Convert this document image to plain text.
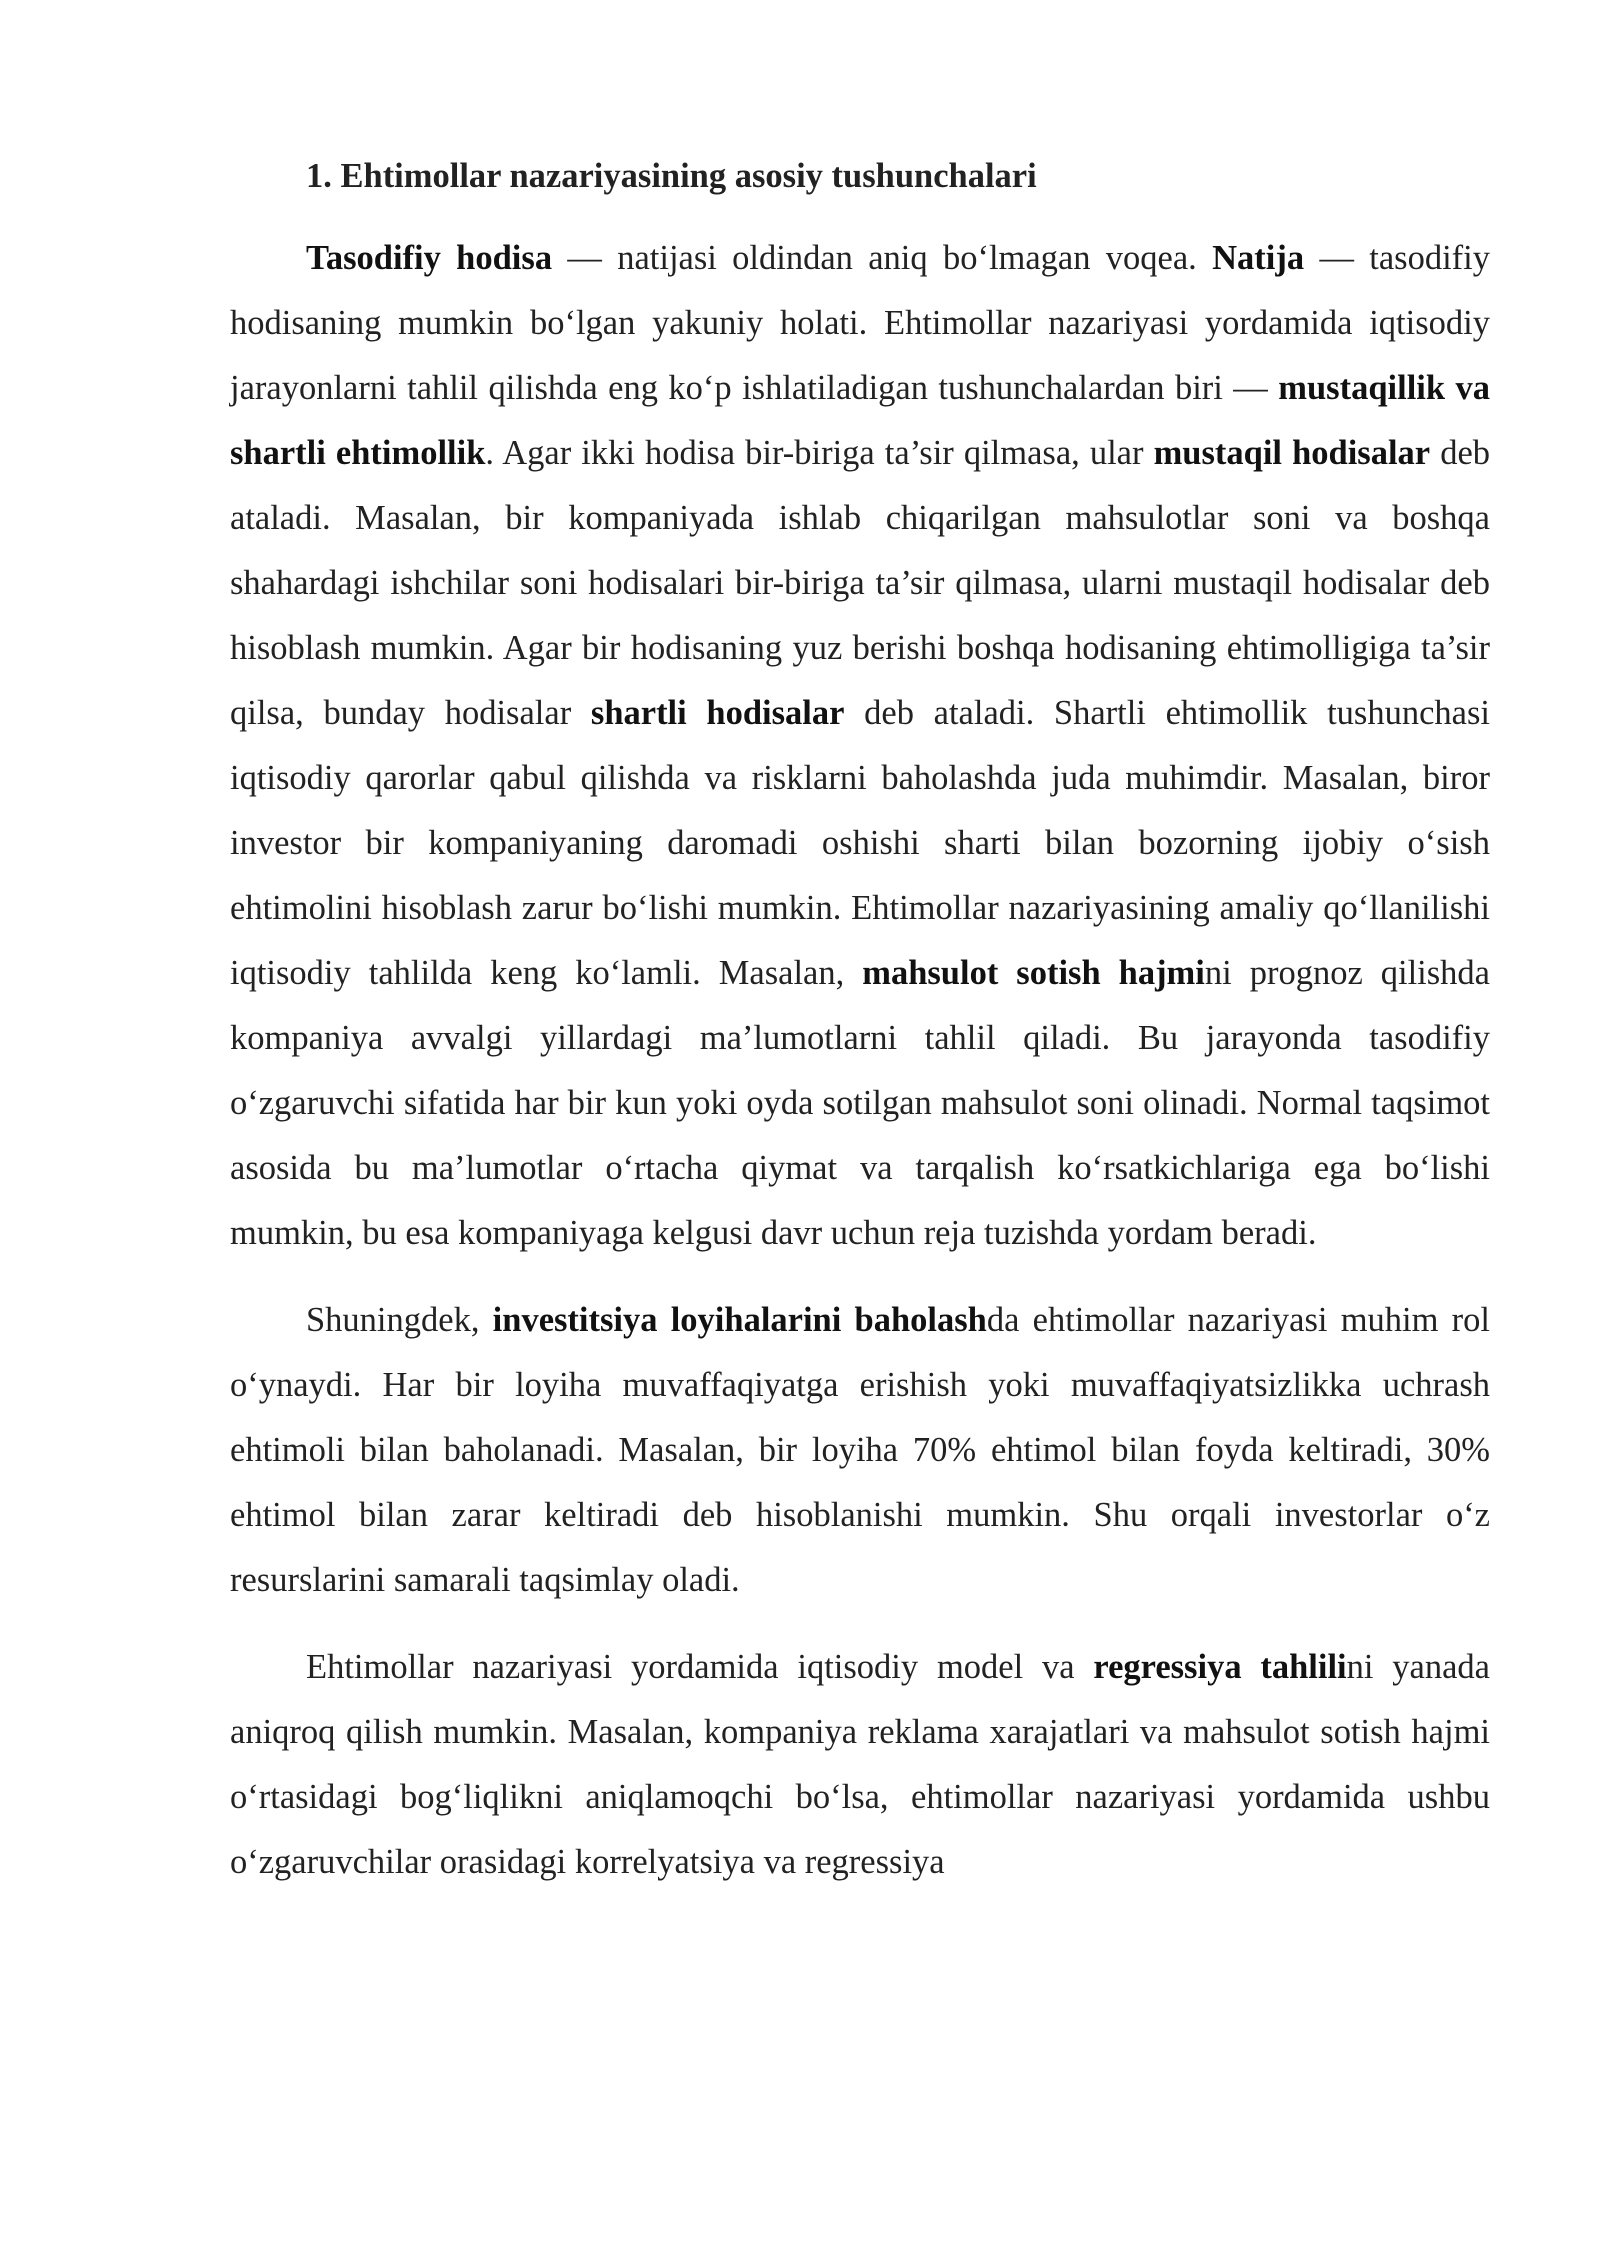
1. Ehtimollar nazariyasining asosiy tushunchalari

Tasodifiy hodisa — natijasi oldindan aniq bo‘lmagan voqea. Natija — tasodifiy hodisaning mumkin bo‘lgan yakuniy holati. Ehtimollar nazariyasi yordamida iqtisodiy jarayonlarni tahlil qilishda eng ko‘p ishlatiladigan tushunchalardan biri — mustaqillik va shartli ehtimollik. Agar ikki hodisa bir-biriga ta’sir qilmasa, ular mustaqil hodisalar deb ataladi. Masalan, bir kompaniyada ishlab chiqarilgan mahsulotlar soni va boshqa shahardagi ishchilar soni hodisalari bir-biriga ta’sir qilmasa, ularni mustaqil hodisalar deb hisoblash mumkin. Agar bir hodisaning yuz berishi boshqa hodisaning ehtimolligiga ta’sir qilsa, bunday hodisalar shartli hodisalar deb ataladi. Shartli ehtimollik tushunchasi iqtisodiy qarorlar qabul qilishda va risklarni baholashda juda muhimdir. Masalan, biror investor bir kompaniyaning daromadi oshishi sharti bilan bozorning ijobiy o‘sish ehtimolini hisoblash zarur bo‘lishi mumkin. Ehtimollar nazariyasining amaliy qo‘llanilishi iqtisodiy tahlilda keng ko‘lamli. Masalan, mahsulot sotish hajmini prognoz qilishda kompaniya avvalgi yillardagi ma’lumotlarni tahlil qiladi. Bu jarayonda tasodifiy o‘zgaruvchi sifatida har bir kun yoki oyda sotilgan mahsulot soni olinadi. Normal taqsimot asosida bu ma’lumotlar o‘rtacha qiymat va tarqalish ko‘rsatkichlariga ega bo‘lishi mumkin, bu esa kompaniyaga kelgusi davr uchun reja tuzishda yordam beradi.

Shuningdek, investitsiya loyihalarini baholashda ehtimollar nazariyasi muhim rol o‘ynaydi. Har bir loyiha muvaffaqiyatga erishish yoki muvaffaqiyatsizlikka uchrash ehtimoli bilan baholanadi. Masalan, bir loyiha 70% ehtimol bilan foyda keltiradi, 30% ehtimol bilan zarar keltiradi deb hisoblanishi mumkin. Shu orqali investorlar o‘z resurslarini samarali taqsimlay oladi.

Ehtimollar nazariyasi yordamida iqtisodiy model va regressiya tahlilini yanada aniqroq qilish mumkin. Masalan, kompaniya reklama xarajatlari va mahsulot sotish hajmi o‘rtasidagi bog‘liqlikni aniqlamoqchi bo‘lsa, ehtimollar nazariyasi yordamida ushbu o‘zgaruvchilar orasidagi korrelyatsiya va regressiya
